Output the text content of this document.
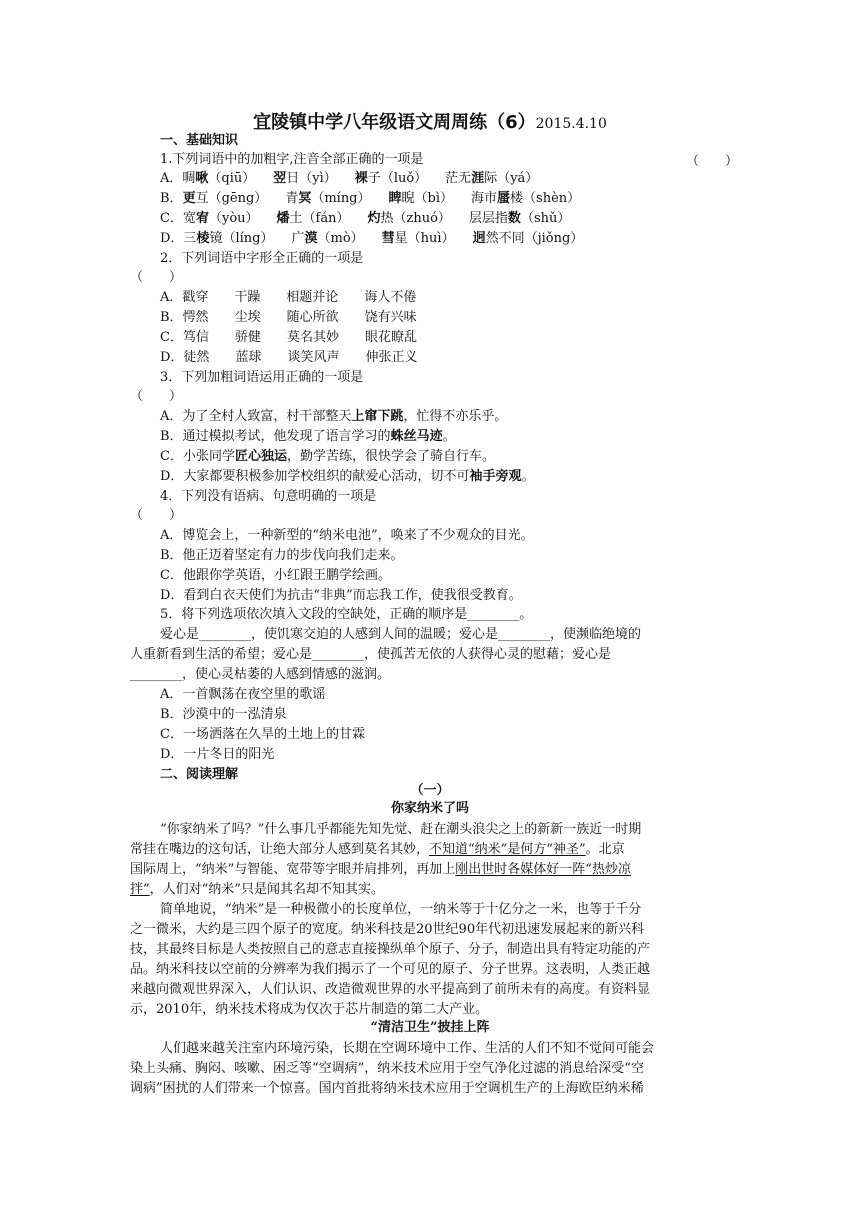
宜陵镇中学八年级语文周周练（6）2015.4.10
一、基础知识
1.下列词语中的加粗字,注音全部正确的一项是	（　　）
A．啁啾（qiū） 翌日（yì） 裸子（luǒ） 茫无涯际（yá）
B．更互（gēng） 青冥（míng） 睥睨（bì） 海市蜃楼（shèn）
C．宽宥（yòu） 燔土（fán） 灼热（zhuó） 层层指数（shǔ）
D．三棱镜（líng） 广漠（mò） 彗星（huì） 迥然不同（jiǒng）
2．下列词语中字形全正确的一项是
（　　）
A．戳穿 干躁 相题并论 诲人不倦
B．愕然 尘埃 随心所欲 饶有兴味
C．笃信 骄健 莫名其妙 眼花瞭乱
D．徒然 蓝球 谈笑风声 伸张正义
3．下列加粗词语运用正确的一项是
（　　）
A．为了全村人致富，村干部整天上窜下跳，忙得不亦乐乎。
B．通过模拟考试，他发现了语言学习的蛛丝马迹。
C．小张同学匠心独运，勤学苦练，很快学会了骑自行车。
D．大家都要积极参加学校组织的献爱心活动，切不可袖手旁观。
4．下列没有语病、句意明确的一项是
（　　）
A．博览会上，一种新型的“纳米电池”，唤来了不少观众的目光。
B．他正迈着坚定有力的步伐向我们走来。
C．他跟你学英语，小红跟王鹏学绘画。
D．看到白衣天使们为抗击“非典”而忘我工作，使我很受教育。
5．将下列选项依次填入文段的空缺处，正确的顺序是________。
爱心是________，使饥寒交迫的人感到人间的温暖；爱心是________，使濒临绝境的
人重新看到生活的希望；爱心是________，使孤苦无依的人获得心灵的慰藉；爱心是
________，使心灵枯萎的人感到情感的滋润。
A．一首飘荡在夜空里的歌谣
B．沙漠中的一泓清泉
C．一场洒落在久旱的土地上的甘霖
D．一片冬日的阳光
二、阅读理解
（一）
你家纳米了吗
“你家纳米了吗？”什么事几乎都能先知先觉、赶在潮头浪尖之上的新新一族近一时期
常挂在嘴边的这句话，让绝大部分人感到莫名其妙，不知道“纳米”是何方“神圣”。北京
国际周上，“纳米”与智能、宽带等字眼并肩排列，再加上刚出世时各媒体好一阵“热炒凉
拌”，人们对“纳米”只是闻其名却不知其实。
简单地说，“纳米”是一种极微小的长度单位，一纳米等于十亿分之一米，也等于千分
之一微米，大约是三四个原子的宽度。纳米科技是20世纪90年代初迅速发展起来的新兴科
技，其最终目标是人类按照自己的意志直接操纵单个原子、分子，制造出具有特定功能的产
品。纳米科技以空前的分辨率为我们揭示了一个可见的原子、分子世界。这表明，人类正越
来越向微观世界深入，人们认识、改造微观世界的水平提高到了前所未有的高度。有资料显
示，2010年，纳米技术将成为仅次于芯片制造的第二大产业。
“清洁卫生”披挂上阵
人们越来越关注室内环境污染，长期在空调环境中工作、生活的人们不知不觉间可能会
染上头痛、胸闷、咳嗽、困乏等“空调病”，纳米技术应用于空气净化过滤的消息给深受“空
调病”困扰的人们带来一个惊喜。国内首批将纳米技术应用于空调机生产的上海欧臣纳米稀
